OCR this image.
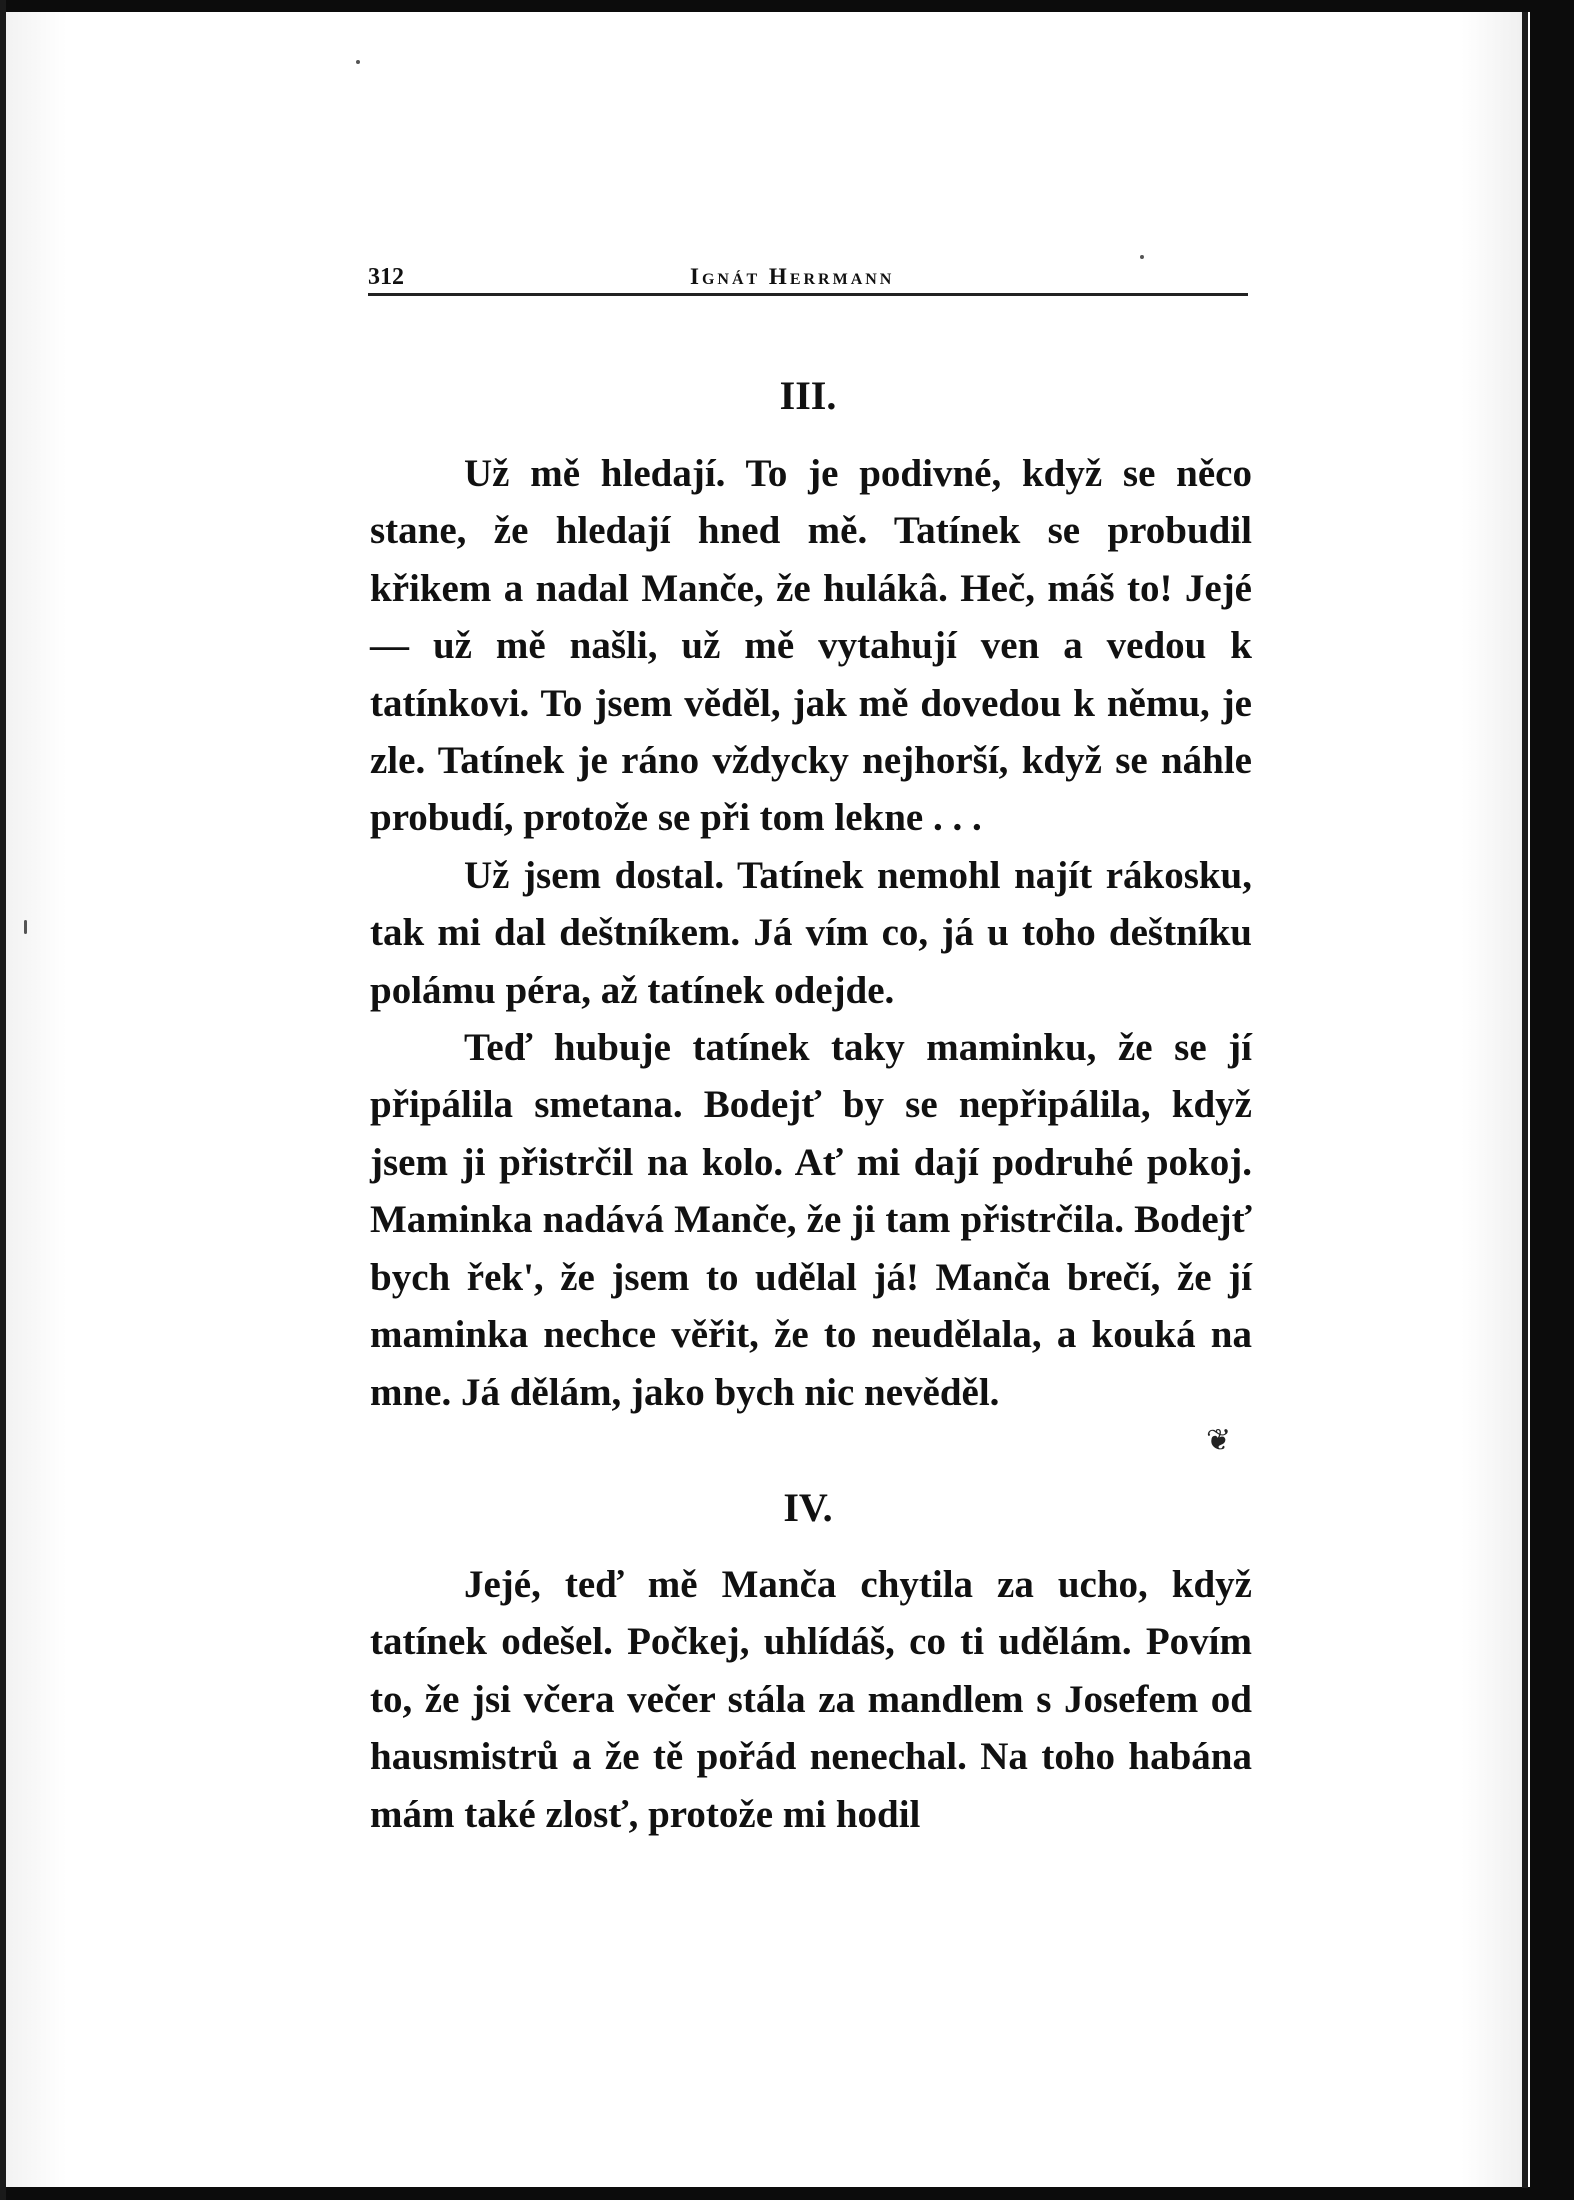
312	Ignát Herrmann
III.

Už mě hledají. To je podivné, když se něco stane, že hledají hned mě. Tatínek se probudil křikem a nadal Manče, že hulákâ. Heč, máš to! Jejé — už mě našli, už mě vytahují ven a vedou k tatínkovi. To jsem věděl, jak mě dovedou k němu, je zle. Tatínek je ráno vždycky nejhorší, když se náhle probudí, protože se při tom lekne . . .

Už jsem dostal. Tatínek nemohl najít rákosku, tak mi dal deštníkem. Já vím co, já u toho deštníku polámu péra, až tatínek odejde.

Teď hubuje tatínek taky maminku, že se jí připálila smetana. Bodejť by se nepřipálila, když jsem ji přistrčil na kolo. Ať mi dají podruhé pokoj. Maminka nadává Manče, že ji tam přistrčila. Bodejť bych řek', že jsem to udělal já! Manča brečí, že jí maminka nechce věřit, že to neudělala, a kouká na mne. Já dělám, jako bych nic nevěděl.

❦
IV.

Jejé, teď mě Manča chytila za ucho, když tatínek odešel. Počkej, uhlídáš, co ti udělám. Povím to, že jsi včera večer stála za mandlem s Josefem od hausmistrů a že tě pořád nenechal. Na toho habána mám také zlosť, protože mi hodil
